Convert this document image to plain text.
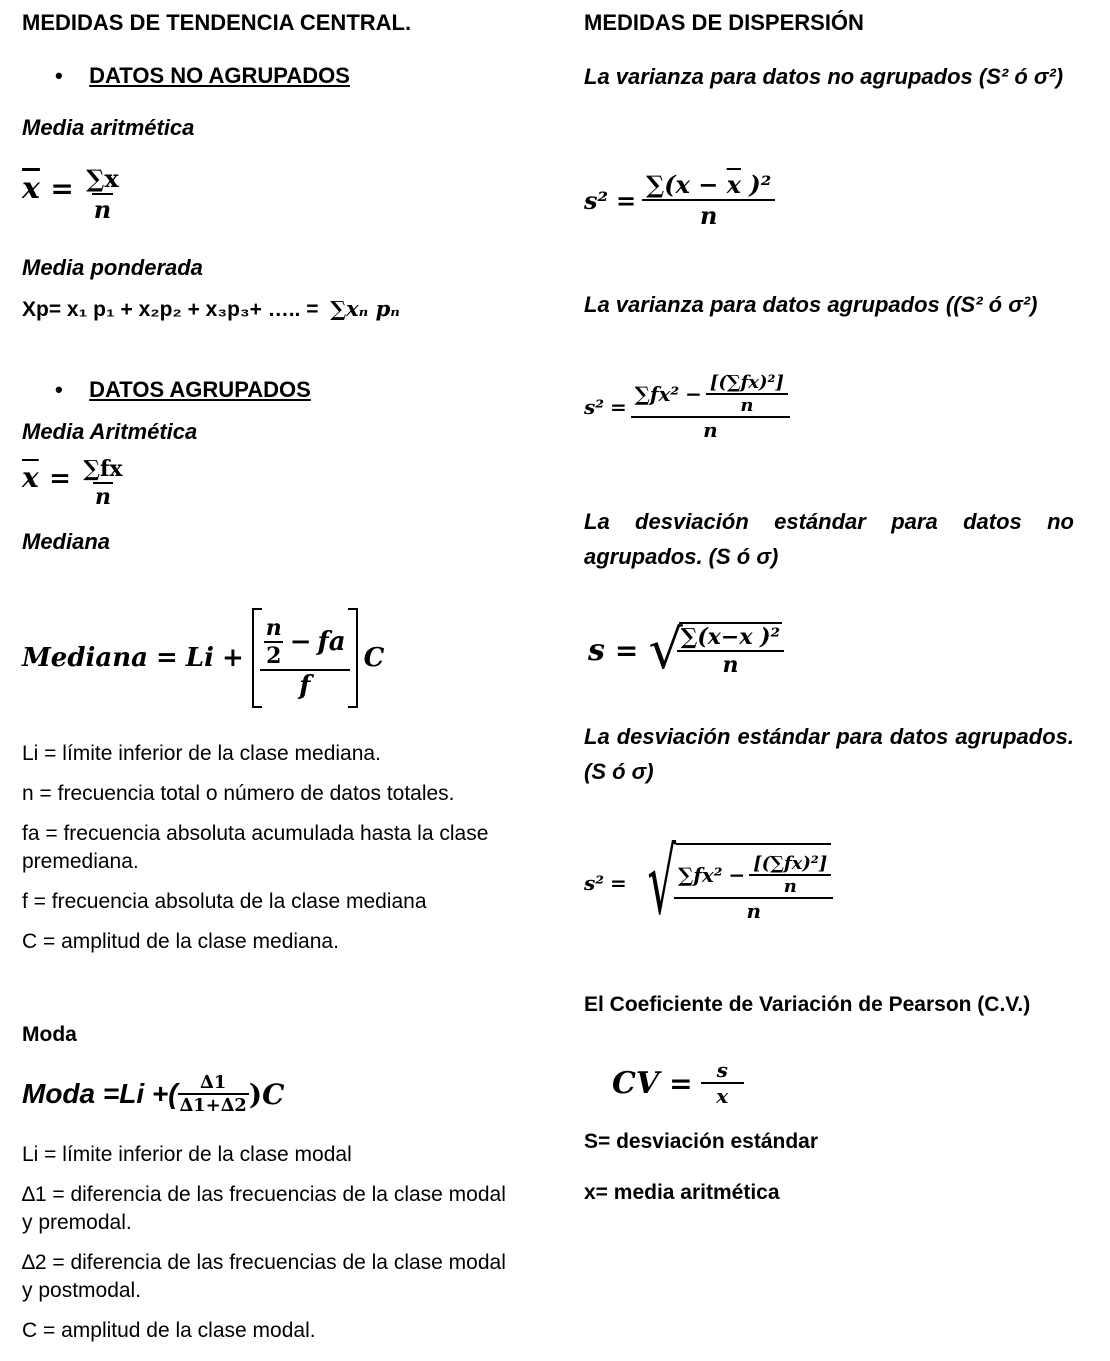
MEDIDAS DE TENDENCIA CENTRAL.
• DATOS NO AGRUPADOS
Media aritmética
$\overline{x} = \frac{\sum x}{n}$
Media ponderada
Xp= x₁ p₁ + x₂p₂ + x₃p₃+ ….. = ∑xₙ pₙ
• DATOS AGRUPADOS
Media Aritmética
$\overline{x} = \frac{\sum fx}{n}$
Mediana
Mediana = $Li + \frac{\frac{n}{2} - fa}{f}$ C
Li = límite inferior de la clase mediana.
n = frecuencia total o número de datos totales.
fa = frecuencia absoluta acumulada hasta la clase premediana.
f = frecuencia absoluta de la clase mediana
C = amplitud de la clase mediana.
Moda
Moda =Li +( $\frac{\Delta 1}{\Delta 1+\Delta 2}$ ) C
Li = límite inferior de la clase modal
∆1 = diferencia de las frecuencias de la clase modal y premodal.
∆2 = diferencia de las frecuencias de la clase modal y postmodal.
C = amplitud de la clase modal.
MEDIDAS DE DISPERSIÓN
La varianza para datos no agrupados (S² ó σ²)
$s^2 = \frac{\sum(x - \overline{x} )^2}{n}$
La varianza para datos agrupados ((S² ó σ²)
$s^2 = \frac{\sum fx^2 - \frac{\text{[(∑fx)²]}}{n}}{n}$
La desviación estándar para datos no agrupados. (S ó σ)
s = √
$\frac{\sum(x-\overline{x} )^2}{n}$
La desviación estándar para datos agrupados. (S ó σ)
s² = √ $\frac{\sum fx^2 - \frac{\text{[(∑fx)²]}}{n}}{n}$
El Coeficiente de Variación de Pearson (C.V.)
CV = $\frac{s}{x}$
S= desviación estándar
x= media aritmética
